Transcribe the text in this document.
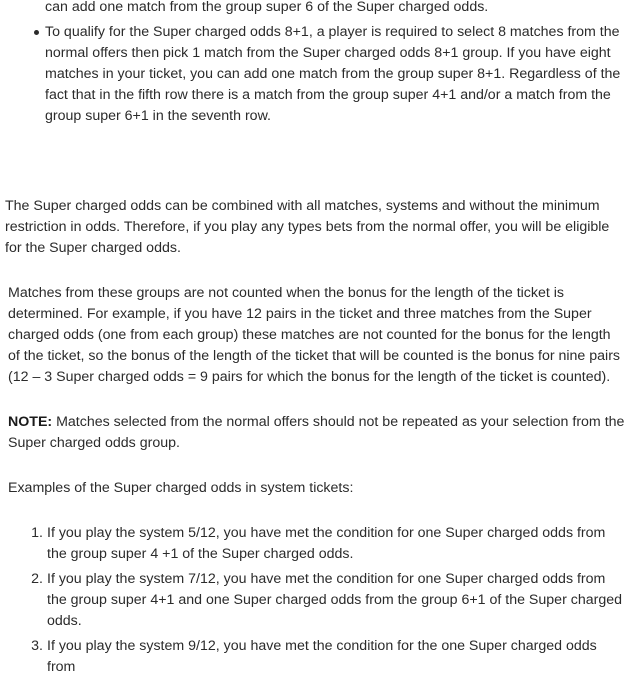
can add one match from the group super 6 of the Super charged odds.
To qualify for the Super charged odds 8+1, a player is required to select 8 matches from the normal offers then pick 1 match from the Super charged odds 8+1 group. If you have eight matches in your ticket, you can add one match from the group super 8+1. Regardless of the fact that in the fifth row there is a match from the group super 4+1 and/or a match from the group super 6+1 in the seventh row.

The Super charged odds can be combined with all matches, systems and without the minimum restriction in odds. Therefore, if you play any types bets from the normal offer, you will be eligible for the Super charged odds.

Matches from these groups are not counted when the bonus for the length of the ticket is determined. For example, if you have 12 pairs in the ticket and three matches from the Super charged odds (one from each group) these matches are not counted for the bonus for the length of the ticket, so the bonus of the length of the ticket that will be counted is the bonus for nine pairs (12 – 3 Super charged odds = 9 pairs for which the bonus for the length of the ticket is counted).

NOTE: Matches selected from the normal offers should not be repeated as your selection from the Super charged odds group.

Examples of the Super charged odds in system tickets:

1. If you play the system 5/12, you have met the condition for one Super charged odds from the group super 4 +1 of the Super charged odds.
2. If you play the system 7/12, you have met the condition for one Super charged odds from the group super 4+1 and one Super charged odds from the group 6+1 of the Super charged odds.
3. If you play the system 9/12, you have met the condition for the one Super charged odds from
